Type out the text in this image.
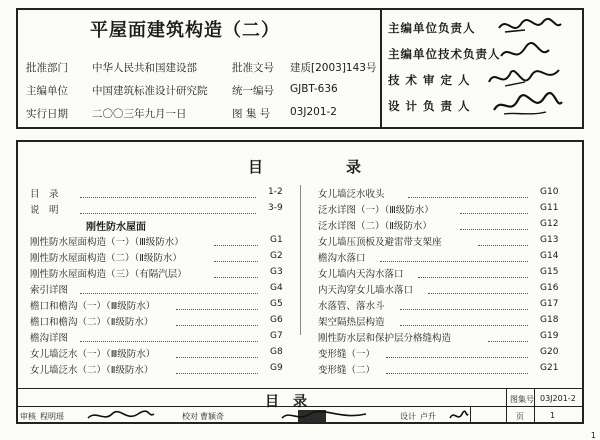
平屋面建筑构造（二）
批准部门 中华人民共和国建设部	批准文号 建质[2003]143号
主编单位 中国建筑标准设计研究院 统一编号 GJBT-636
实行日期 二〇〇三年九月一日	图 集 号 03J201-2
主编单位负责人
主编单位技术负责人
技 术 审 定 人
设 计 负 责 人
目	录
目　录	1-2
说　明	3-9
刚性防水屋面
刚性防水屋面构造（一）（Ⅲ级防水）	G1
刚性防水屋面构造（二）（Ⅱ级防水）	G2
刚性防水屋面构造（三）（有隔汽层）	G3
索引详图	G4
檐口和檐沟（一）（Ⅲ级防水）	G5
檐口和檐沟（二）（Ⅱ级防水）	G6
檐沟详图	G7
女儿墙泛水（一）（Ⅲ级防水）	G8
女儿墙泛水（二）（Ⅱ级防水）	G9
女儿墙泛水收头	G10
泛水详图（一）（Ⅲ级防水）	G11
泛水详图（二）（Ⅱ级防水）	G12
女儿墙压顶板及避雷带支架座	G13
檐沟水落口	G14
女儿墙内天沟水落口	G15
内天沟穿女儿墙水落口	G16
水落管、落水斗	G17
架空隔热层构造	G18
刚性防水层和保护层分格缝构造	G19
变形缝（一）	G20
变形缝（二）	G21
目　录	图集号 03J201-2
审核 程明瑶	校对 曹颖奇	设计 卢升	页	1
1
